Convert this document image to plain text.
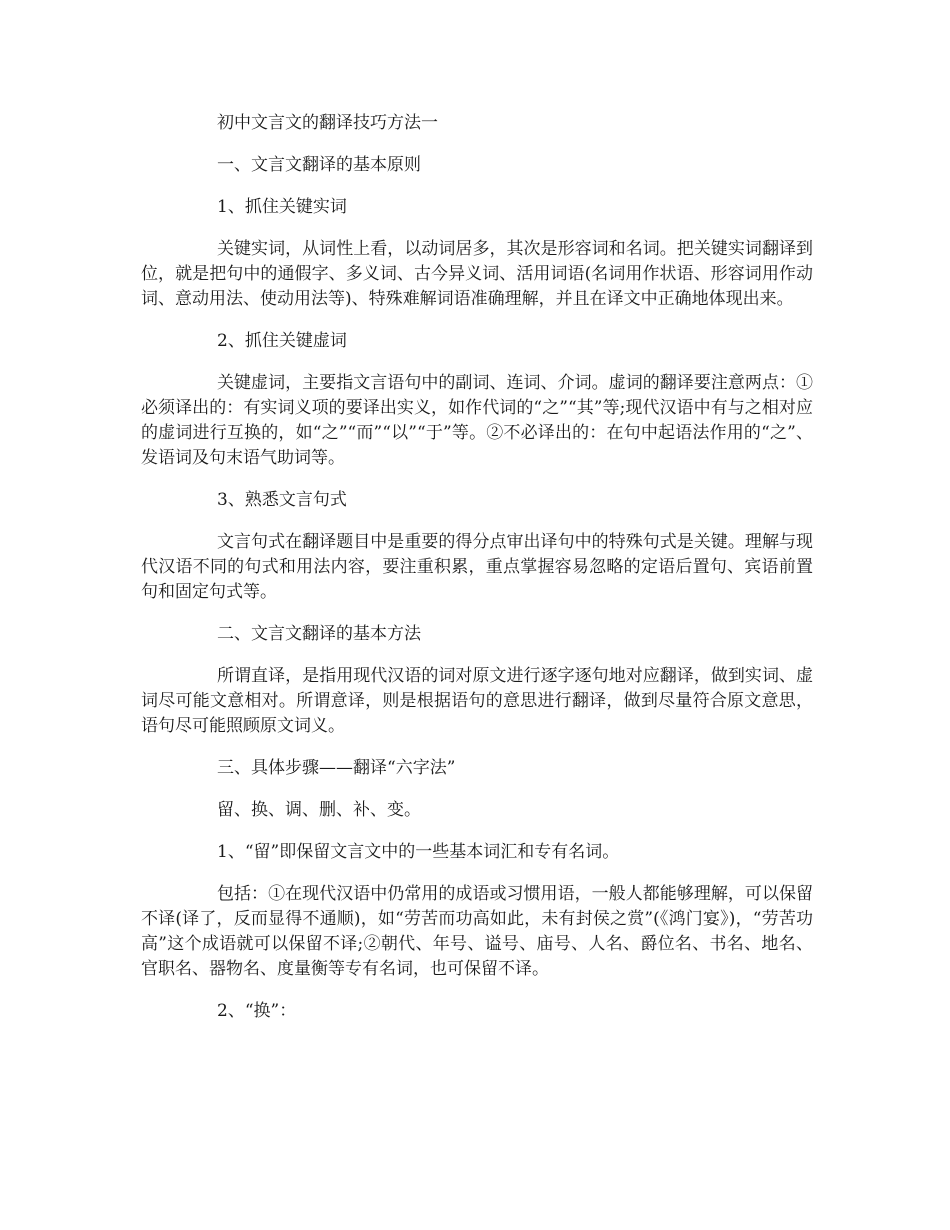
初中文言文的翻译技巧方法一

一、文言文翻译的基本原则

1、抓住关键实词

关键实词，从词性上看，以动词居多，其次是形容词和名词。把关键实词翻译到位，就是把句中的通假字、多义词、古今异义词、活用词语(名词用作状语、形容词用作动词、意动用法、使动用法等)、特殊难解词语准确理解，并且在译文中正确地体现出来。

2、抓住关键虚词

关键虚词，主要指文言语句中的副词、连词、介词。虚词的翻译要注意两点：①必须译出的：有实词义项的要译出实义，如作代词的“之”“其”等;现代汉语中有与之相对应的虚词进行互换的，如“之”“而”“以”“于”等。②不必译出的：在句中起语法作用的“之”、发语词及句末语气助词等。

3、熟悉文言句式

文言句式在翻译题目中是重要的得分点审出译句中的特殊句式是关键。理解与现代汉语不同的句式和用法内容，要注重积累，重点掌握容易忽略的定语后置句、宾语前置句和固定句式等。

二、文言文翻译的基本方法

所谓直译，是指用现代汉语的词对原文进行逐字逐句地对应翻译，做到实词、虚词尽可能文意相对。所谓意译，则是根据语句的意思进行翻译，做到尽量符合原文意思，语句尽可能照顾原文词义。

三、具体步骤——翻译“六字法”

留、换、调、删、补、变。

1、“留”即保留文言文中的一些基本词汇和专有名词。

包括：①在现代汉语中仍常用的成语或习惯用语，一般人都能够理解，可以保留不译(译了，反而显得不通顺)，如“劳苦而功高如此，未有封侯之赏”(《鸿门宴》)，“劳苦功高”这个成语就可以保留不译;②朝代、年号、谥号、庙号、人名、爵位名、书名、地名、官职名、器物名、度量衡等专有名词，也可保留不译。

2、“换”：
